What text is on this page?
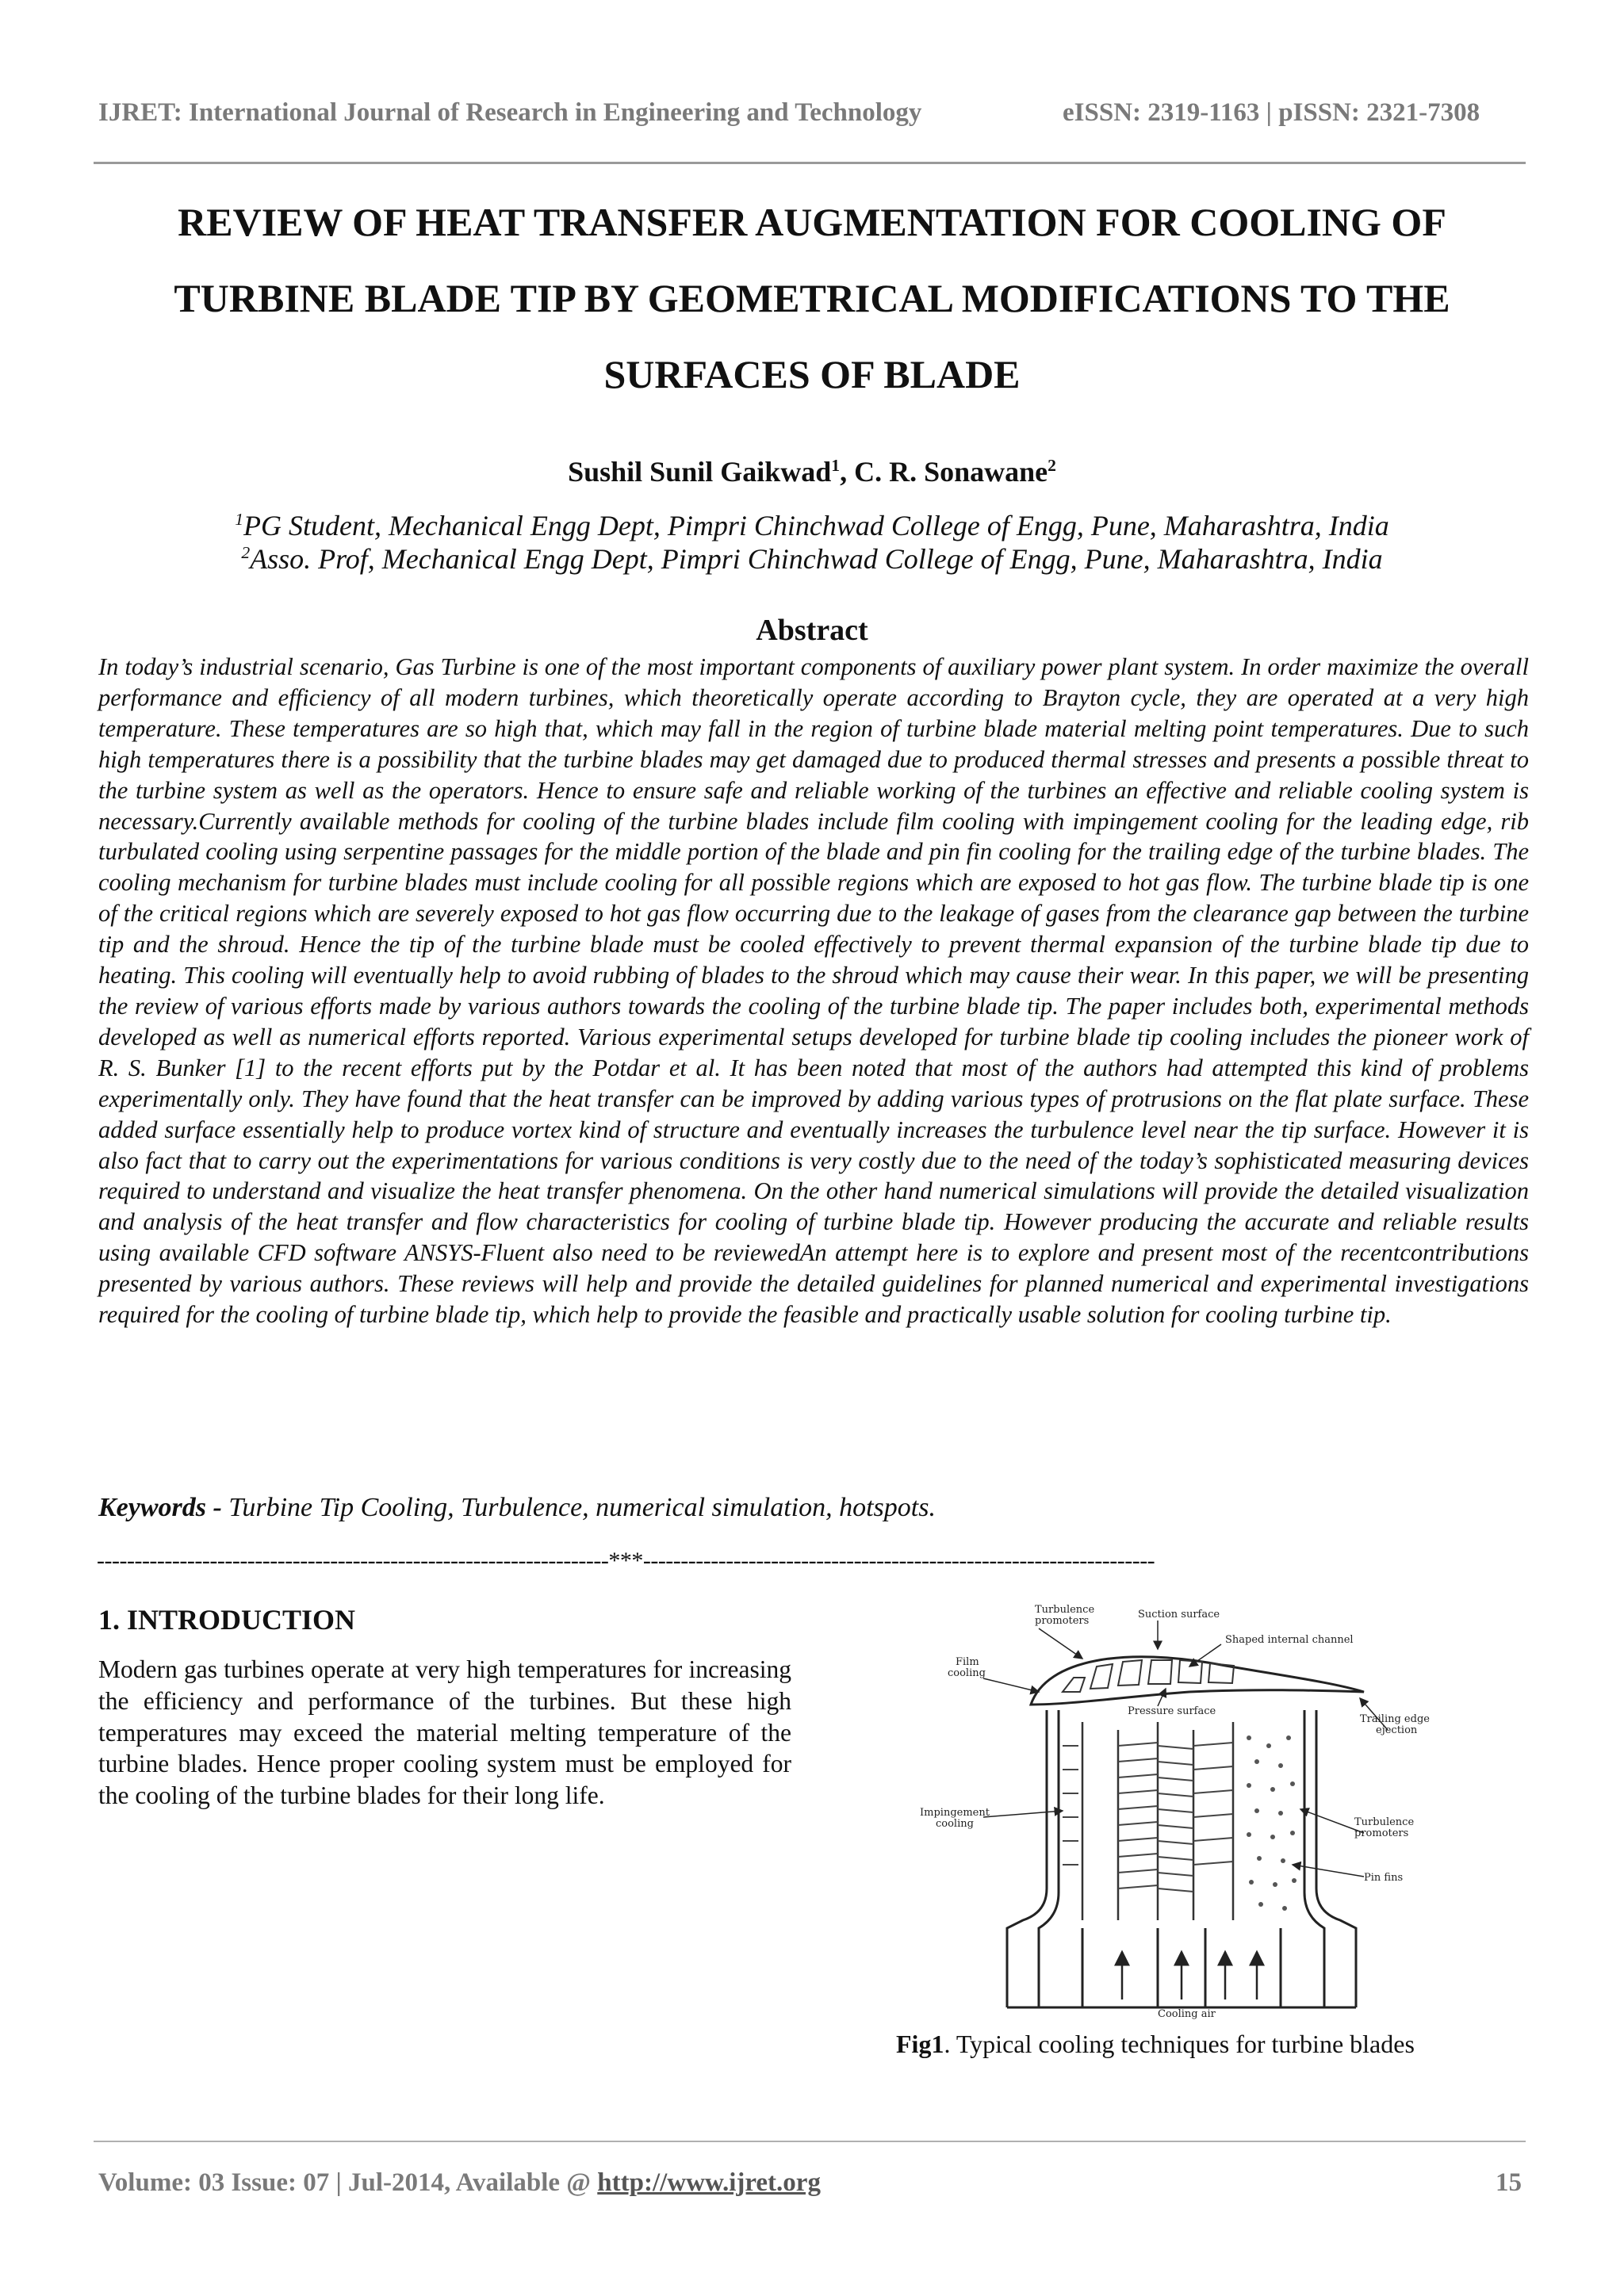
IJRET: International Journal of Research in Engineering and Technology	eISSN: 2319-1163 | pISSN: 2321-7308
REVIEW OF HEAT TRANSFER AUGMENTATION FOR COOLING OF
TURBINE BLADE TIP BY GEOMETRICAL MODIFICATIONS TO THE
SURFACES OF BLADE
Sushil Sunil Gaikwad$^1$, C. R. Sonawane$^2$
$^1$PG Student, Mechanical Engg Dept, Pimpri Chinchwad College of Engg, Pune, Maharashtra, India
$^2$Asso. Prof, Mechanical Engg Dept, Pimpri Chinchwad College of Engg, Pune, Maharashtra, India
Abstract

In today’s industrial scenario, Gas Turbine is one of the most important components of auxiliary power plant system. In order maximize the overall performance and efficiency of all modern turbines, which theoretically operate according to Brayton cycle, they are operated at a very high temperature. These temperatures are so high that, which may fall in the region of turbine blade material melting point temperatures. Due to such high temperatures there is a possibility that the turbine blades may get damaged due to produced thermal stresses and presents a possible threat to the turbine system as well as the operators. Hence to ensure safe and reliable working of the turbines an effective and reliable cooling system is necessary.Currently available methods for cooling of the turbine blades include film cooling with impingement cooling for the leading edge, rib turbulated cooling using serpentine passages for the middle portion of the blade and pin fin cooling for the trailing edge of the turbine blades. The cooling mechanism for turbine blades must include cooling for all possible regions which are exposed to hot gas flow. The turbine blade tip is one of the critical regions which are severely exposed to hot gas flow occurring due to the leakage of gases from the clearance gap between the turbine tip and the shroud. Hence the tip of the turbine blade must be cooled effectively to prevent thermal expansion of the turbine blade tip due to heating. This cooling will eventually help to avoid rubbing of blades to the shroud which may cause their wear. In this paper, we will be presenting the review of various efforts made by various authors towards the cooling of the turbine blade tip. The paper includes both, experimental methods developed as well as numerical efforts reported. Various experimental setups developed for turbine blade tip cooling includes the pioneer work of R. S. Bunker [1] to the recent efforts put by the Potdar et al. It has been noted that most of the authors had attempted this kind of problems experimentally only. They have found that the heat transfer can be improved by adding various types of protrusions on the flat plate surface. These added surface essentially help to produce vortex kind of structure and eventually increases the turbulence level near the tip surface. However it is also fact that to carry out the experimentations for various conditions is very costly due to the need of the today’s sophisticated measuring devices required to understand and visualize the heat transfer phenomena. On the other hand numerical simulations will provide the detailed visualization and analysis of the heat transfer and flow characteristics for cooling of turbine blade tip. However producing the accurate and reliable results using available CFD software ANSYS-Fluent also need to be reviewedAn attempt here is to explore and present most of the recentcontributions presented by various authors. These reviews will help and provide the detailed guidelines for planned numerical and experimental investigations required for the cooling of turbine blade tip, which help to provide the feasible and practically usable solution for cooling turbine tip.

Keywords - Turbine Tip Cooling, Turbulence, numerical simulation, hotspots.
--------------------------------------------------------------------***--------------------------------------------------------------------
1. INTRODUCTION

Modern gas turbines operate at very high temperatures for increasing the efficiency and performance of the turbines. But these high temperatures may exceed the material melting temperature of the turbine blades. Hence proper cooling system must be employed for the cooling of the turbine blades for their long life.

Turbulence
promoters
Suction surface
Shaped internal channel
Film
cooling
Pressure surface
Trailing edge
ejection
Impingement
cooling	Turbulence
promoters
Pin fins
Cooling air
Fig1. Typical cooling techniques for turbine blades
Volume: 03 Issue: 07 | Jul-2014, Available @ http://www.ijret.org	15
